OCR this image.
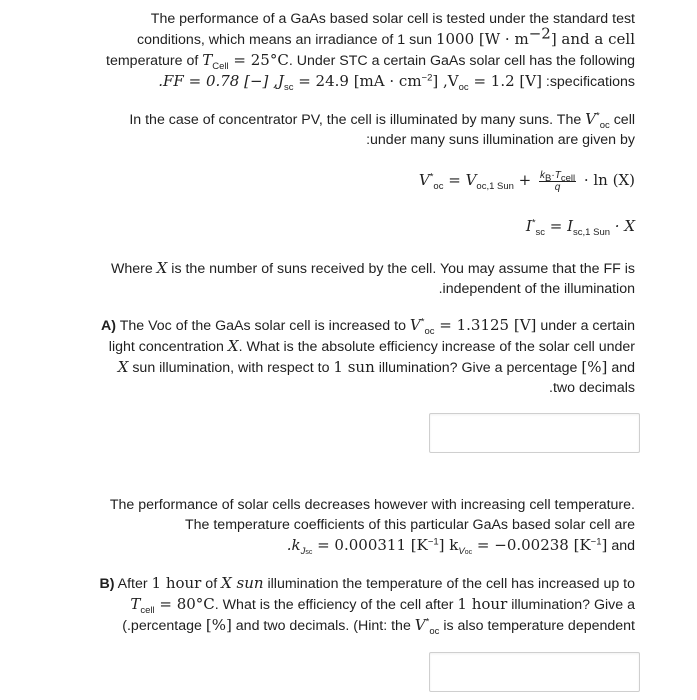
The performance of a GaAs based solar cell is tested under the standard test

conditions, which means an irradiance of 1 sun 1000 $[W \cdot m^{-2}]$ and a cell

temperature of $T_{Cell} = 25^\circ C$. Under STC a certain GaAs solar cell has the following

.FF = 0.78 [−] $,J_{sc} = 24.9$ $[mA \cdot cm^{-2}]$ $,V_{oc} = 1.2$ [V] :specifications

In the case of concentrator PV, the cell is illuminated by many suns. The $V^*_{oc}$ cell

:under many suns illumination are given by

$V^*_{oc} = V_{oc,1 Sun} + \frac{k_B\cdot T_{cell}}{q} \cdot \ln (X)$
$I^*_{sc} = I_{sc,1 Sun} \cdot X$

Where X is the number of suns received by the cell. You may assume that the FF is

.independent of the illumination

A) The Voc of the GaAs solar cell is increased to $V^*_{oc} = 1.3125$ [V] under a certain

light concentration X. What is the absolute efficiency increase of the solar cell under

X sun illumination, with respect to 1 sun illumination? Give a percentage [%] and

.two decimals

The performance of solar cells decreases however with increasing cell temperature.

The temperature coefficients of this particular GaAs based solar cell are

$.k_{Jsc} = 0.000311$ $[K^{-1}] k_{Voc} = -0.00238$ $[K^{-1}]$ and

B) After 1 hour of X sun illumination the temperature of the cell has increased up to

$T_{cell} = 80^\circ C$. What is the efficiency of the cell after 1 hour illumination? Give a

(.percentage [%] and two decimals. (Hint: the $V^*_{oc}$ is also temperature dependent
